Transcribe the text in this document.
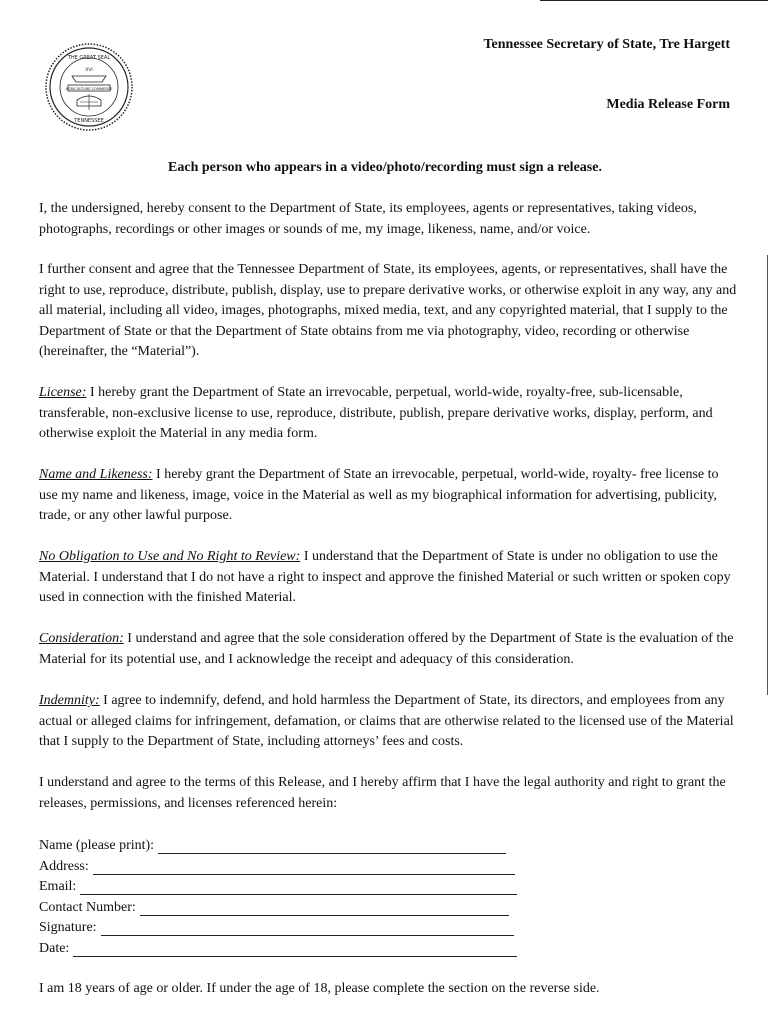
THE GREAT SEAL
TENNESSEE
XVI
AGRICULTURE COMMERCE
Tennessee Secretary of State, Tre Hargett
Media Release Form
Each person who appears in a video/photo/recording must sign a release.

I, the undersigned, hereby consent to the Department of State, its employees, agents or representatives, taking videos, photographs, recordings or other images or sounds of me, my image, likeness, name, and/or voice.

I further consent and agree that the Tennessee Department of State, its employees, agents, or representatives, shall have the right to use, reproduce, distribute, publish, display, use to prepare derivative works, or otherwise exploit in any way, any and all material, including all video, images, photographs, mixed media, text, and any copyrighted material, that I supply to the Department of State or that the Department of State obtains from me via photography, video, recording or otherwise (hereinafter, the “Material”).

License: I hereby grant the Department of State an irrevocable, perpetual, world-wide, royalty-free, sub-licensable, transferable, non-exclusive license to use, reproduce, distribute, publish, prepare derivative works, display, perform, and otherwise exploit the Material in any media form.

Name and Likeness: I hereby grant the Department of State an irrevocable, perpetual, world-wide, royalty- free license to use my name and likeness, image, voice in the Material as well as my biographical information for advertising, publicity, trade, or any other lawful purpose.

No Obligation to Use and No Right to Review: I understand that the Department of State is under no obligation to use the Material. I understand that I do not have a right to inspect and approve the finished Material or such written or spoken copy used in connection with the finished Material.

Consideration: I understand and agree that the sole consideration offered by the Department of State is the evaluation of the Material for its potential use, and I acknowledge the receipt and adequacy of this consideration.

Indemnity: I agree to indemnify, defend, and hold harmless the Department of State, its directors, and employees from any actual or alleged claims for infringement, defamation, or claims that are otherwise related to the licensed use of the Material that I supply to the Department of State, including attorneys’ fees and costs.

I understand and agree to the terms of this Release, and I hereby affirm that I have the legal authority and right to grant the releases, permissions, and licenses referenced herein:

Name (please print):
Address:
Email:
Contact Number:
Signature:
Date:

I am 18 years of age or older. If under the age of 18, please complete the section on the reverse side.
